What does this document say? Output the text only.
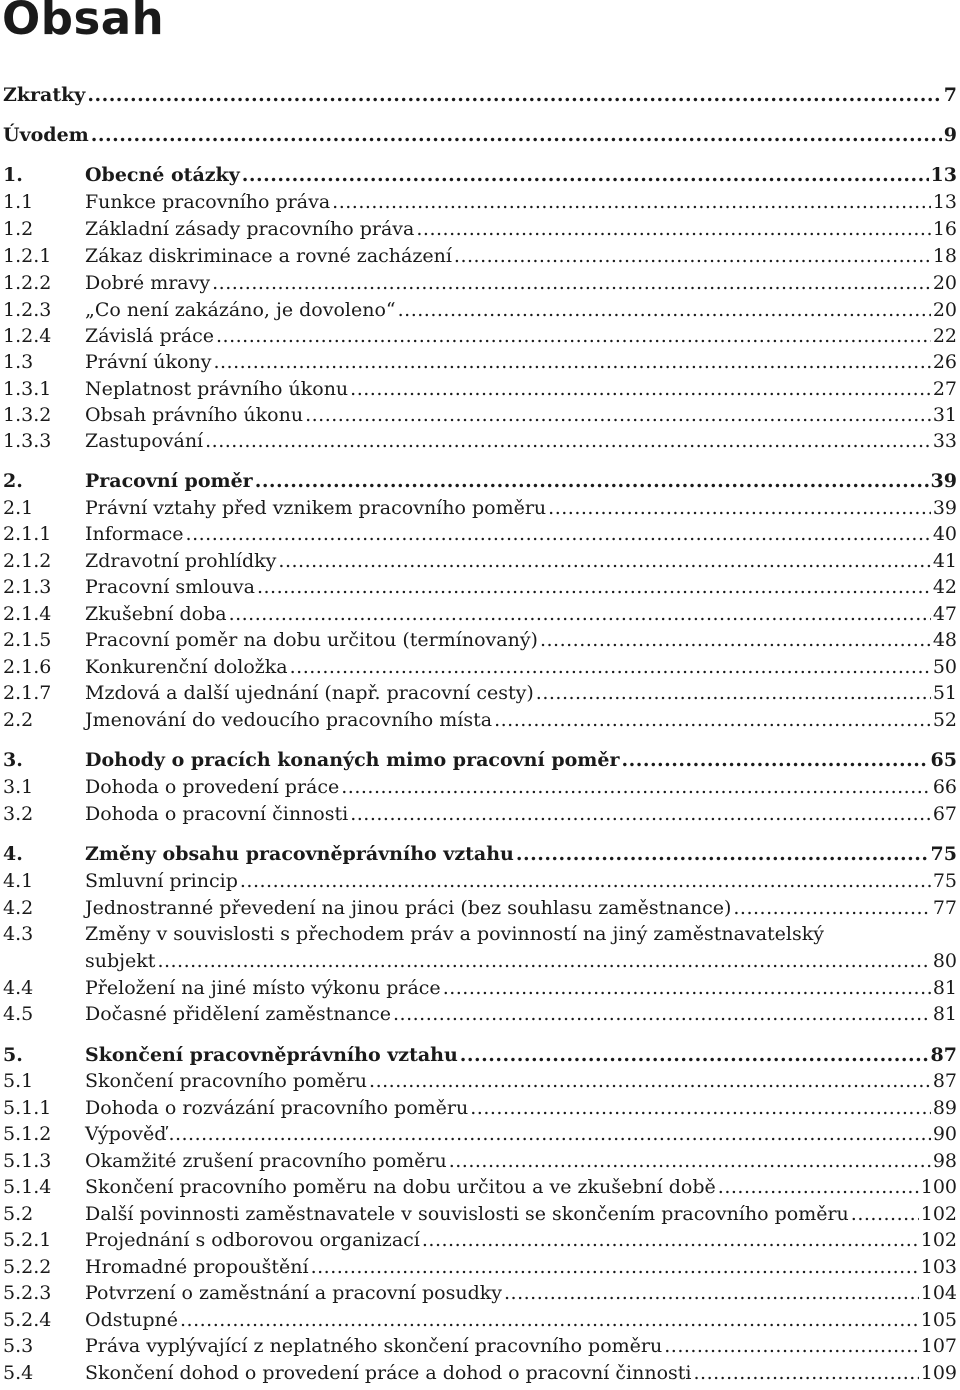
Obsah
Zkratky .....	7
Úvodem .....	9
1.	Obecné otázky .....	13
1.1	Funkce pracovního práva .....	13
1.2	Základní zásady pracovního práva .....	16
1.2.1 Zákaz diskriminace a rovné zacházení .....	18
1.2.2 Dobré mravy .....	20
1.2.3 „Co není zakázáno, je dovoleno“ .....	20
1.2.4 Závislá práce .....	22
1.3	Právní úkony .....	26
1.3.1 Neplatnost právního úkonu .....	27
1.3.2 Obsah právního úkonu .....	31
1.3.3 Zastupování .....	33
2.	Pracovní poměr .....	39
2.1	Právní vztahy před vznikem pracovního poměru .....	39
2.1.1 Informace .....	40
2.1.2 Zdravotní prohlídky .....	41
2.1.3 Pracovní smlouva .....	42
2.1.4 Zkušební doba .....	47
2.1.5 Pracovní poměr na dobu určitou (termínovaný) .....	48
2.1.6 Konkurenční doložka .....	50
2.1.7 Mzdová a další ujednání (např. pracovní cesty) .....	51
2.2	Jmenování do vedoucího pracovního místa .....	52
3.	Dohody o pracích konaných mimo pracovní poměr .....	65
3.1	Dohoda o provedení práce .....	66
3.2	Dohoda o pracovní činnosti .....	67
4.	Změny obsahu pracovněprávního vztahu .....	75
4.1	Smluvní princip .....	75
4.2	Jednostranné převedení na jinou práci (bez souhlasu zaměstnance) .....	77
4.3	Změny v souvislosti s přechodem práv a povinností na jiný zaměstnavatelský
subjekt .....	80
4.4	Přeložení na jiné místo výkonu práce .....	81
4.5	Dočasné přidělení zaměstnance .....	81
5.	Skončení pracovněprávního vztahu .....	87
5.1	Skončení pracovního poměru .....	87
5.1.1 Dohoda o rozvázání pracovního poměru .....	89
5.1.2 Výpověď .....	90
5.1.3 Okamžité zrušení pracovního poměru .....	98
5.1.4 Skončení pracovního poměru na dobu určitou a ve zkušební době .....	100
5.2	Další povinnosti zaměstnavatele v souvislosti se skončením pracovního poměru .....	102
5.2.1 Projednání s odborovou organizací .....	102
5.2.2 Hromadné propouštění .....	103
5.2.3 Potvrzení o zaměstnání a pracovní posudky .....	104
5.2.4 Odstupné .....	105
5.3	Práva vyplývající z neplatného skončení pracovního poměru .....	107
5.4	Skončení dohod o provedení práce a dohod o pracovní činnosti .....	109
